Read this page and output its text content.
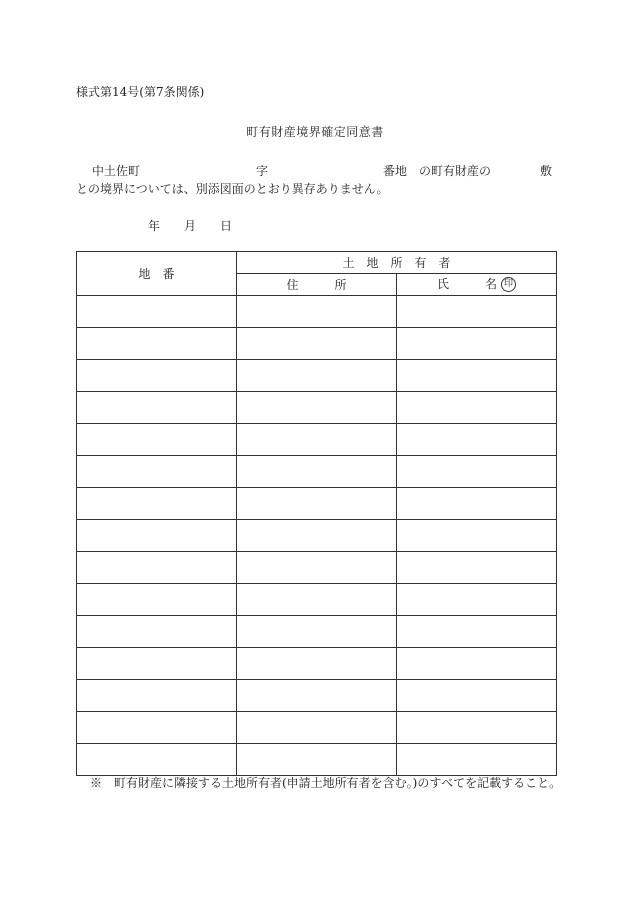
様式第14号(第7条関係)
町有財産境界確定同意書
中土佐町	字	番地　の町有財産の	敷
との境界については、別添図面のとおり異存ありません。
年 月 日
地　番	土　地　所　有　者	
	住　　　所	氏　　　名 印

※　町有財産に隣接する土地所有者(申請土地所有者を含む。)のすべてを記載すること。
